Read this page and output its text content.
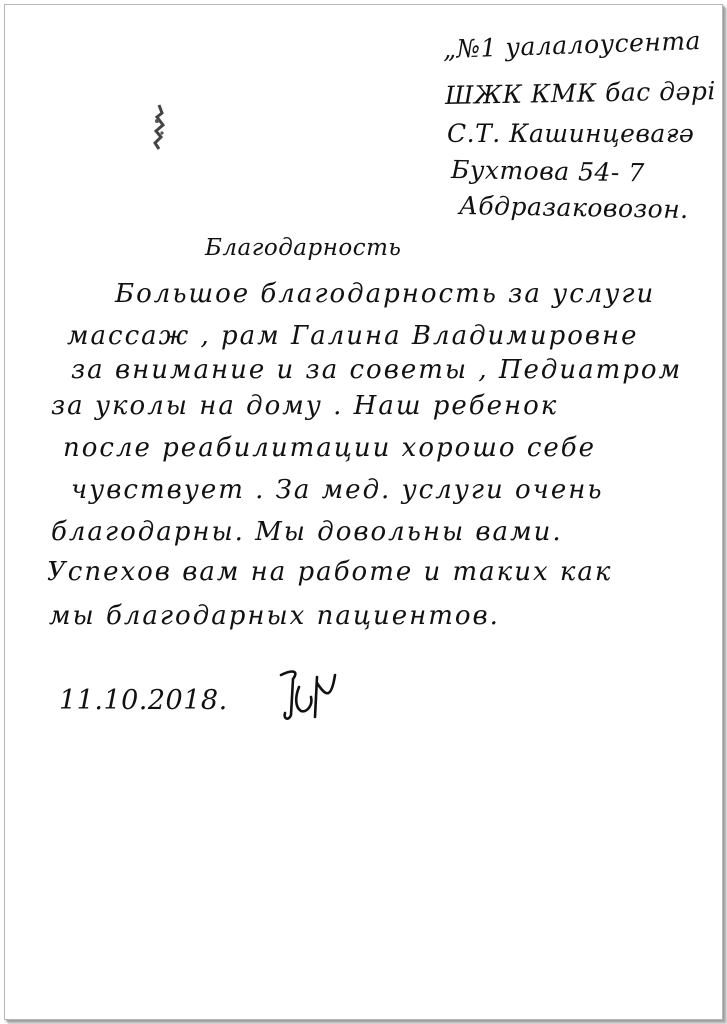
„№1 уалалоусента
ШЖК КМК бас дәрі
С.Т. Кашинцевағә
Бухтова 54- 7
Абдразаковозон.
Благодарность
Большое благодарность за услуги
массаж , рам Галина Владимировне
за внимание и за советы , Педиатром
за уколы на дому . Наш ребенок
после реабилитации хорошо себе
чувствует . За мед. услуги очень
благодарны. Мы довольны вами.
Успехов вам на работе и таких как
мы благодарных пациентов.
11.10.2018.
